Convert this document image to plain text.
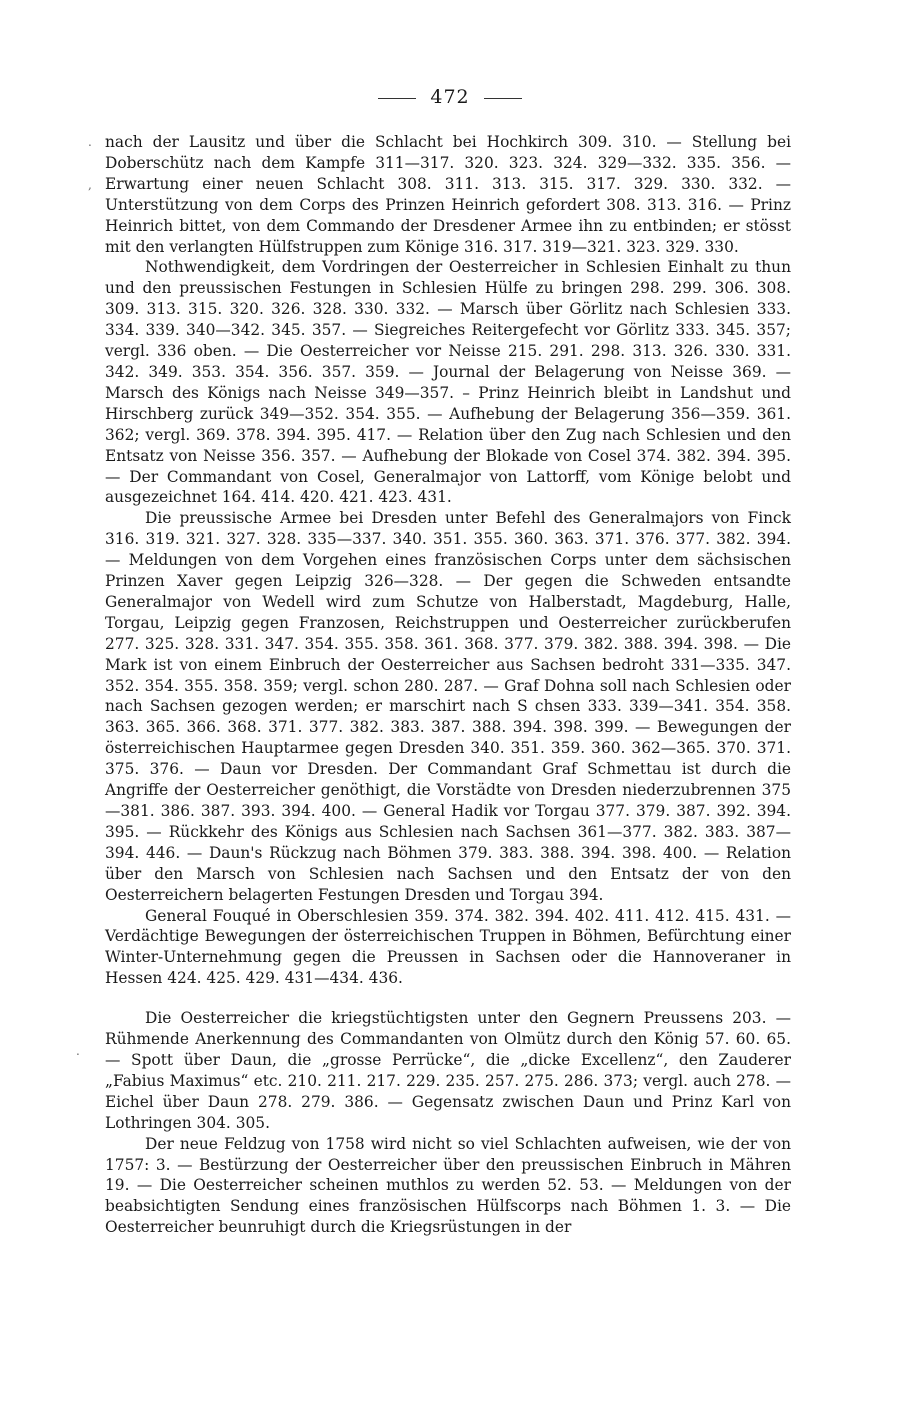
472

nach der Lausitz und über die Schlacht bei Hochkirch 309. 310. — Stellung bei Doberschütz nach dem Kampfe 311—317. 320. 323. 324. 329—332. 335. 356. — Erwartung einer neuen Schlacht 308. 311. 313. 315. 317. 329. 330. 332. — Unterstützung von dem Corps des Prinzen Heinrich gefordert 308. 313. 316. — Prinz Heinrich bittet, von dem Commando der Dresdener Armee ihn zu entbinden; er stösst mit den verlangten Hülfstruppen zum Könige 316. 317. 319—321. 323. 329. 330.

Nothwendigkeit, dem Vordringen der Oesterreicher in Schlesien Einhalt zu thun und den preussischen Festungen in Schlesien Hülfe zu bringen 298. 299. 306. 308. 309. 313. 315. 320. 326. 328. 330. 332. — Marsch über Görlitz nach Schlesien 333. 334. 339. 340—342. 345. 357. — Siegreiches Reitergefecht vor Görlitz 333. 345. 357; vergl. 336 oben. — Die Oesterreicher vor Neisse 215. 291. 298. 313. 326. 330. 331. 342. 349. 353. 354. 356. 357. 359. — Journal der Belagerung von Neisse 369. — Marsch des Königs nach Neisse 349—357. – Prinz Heinrich bleibt in Landshut und Hirschberg zurück 349—352. 354. 355. — Aufhebung der Belagerung 356—359. 361. 362; vergl. 369. 378. 394. 395. 417. — Relation über den Zug nach Schlesien und den Entsatz von Neisse 356. 357. — Aufhebung der Blokade von Cosel 374. 382. 394. 395. — Der Commandant von Cosel, Generalmajor von Lattorff, vom Könige belobt und ausgezeichnet 164. 414. 420. 421. 423. 431.

Die preussische Armee bei Dresden unter Befehl des Generalmajors von Finck 316. 319. 321. 327. 328. 335—337. 340. 351. 355. 360. 363. 371. 376. 377. 382. 394. — Meldungen von dem Vorgehen eines französischen Corps unter dem sächsischen Prinzen Xaver gegen Leipzig 326—328. — Der gegen die Schweden entsandte Generalmajor von Wedell wird zum Schutze von Halberstadt, Magdeburg, Halle, Torgau, Leipzig gegen Franzosen, Reichstruppen und Oesterreicher zurückberufen 277. 325. 328. 331. 347. 354. 355. 358. 361. 368. 377. 379. 382. 388. 394. 398. — Die Mark ist von einem Einbruch der Oesterreicher aus Sachsen bedroht 331—335. 347. 352. 354. 355. 358. 359; vergl. schon 280. 287. — Graf Dohna soll nach Schlesien oder nach Sachsen gezogen werden; er marschirt nach S chsen 333. 339—341. 354. 358. 363. 365. 366. 368. 371. 377. 382. 383. 387. 388. 394. 398. 399. — Bewegungen der österreichischen Hauptarmee gegen Dresden 340. 351. 359. 360. 362—365. 370. 371. 375. 376. — Daun vor Dresden. Der Commandant Graf Schmettau ist durch die Angriffe der Oesterreicher genöthigt, die Vorstädte von Dresden niederzubrennen 375—381. 386. 387. 393. 394. 400. — General Hadik vor Torgau 377. 379. 387. 392. 394. 395. — Rückkehr des Königs aus Schlesien nach Sachsen 361—377. 382. 383. 387—394. 446. — Daun's Rückzug nach Böhmen 379. 383. 388. 394. 398. 400. — Relation über den Marsch von Schlesien nach Sachsen und den Entsatz der von den Oesterreichern belagerten Festungen Dresden und Torgau 394.

General Fouqué in Oberschlesien 359. 374. 382. 394. 402. 411. 412. 415. 431. — Verdächtige Bewegungen der österreichischen Truppen in Böhmen, Befürchtung einer Winter-Unternehmung gegen die Preussen in Sachsen oder die Hannoveraner in Hessen 424. 425. 429. 431—434. 436.

Die Oesterreicher die kriegstüchtigsten unter den Gegnern Preussens 203. — Rühmende Anerkennung des Commandanten von Olmütz durch den König 57. 60. 65. — Spott über Daun, die „grosse Perrücke“, die „dicke Excellenz“, den Zauderer „Fabius Maximus“ etc. 210. 211. 217. 229. 235. 257. 275. 286. 373; vergl. auch 278. — Eichel über Daun 278. 279. 386. — Gegensatz zwischen Daun und Prinz Karl von Lothringen 304. 305.

Der neue Feldzug von 1758 wird nicht so viel Schlachten aufweisen, wie der von 1757: 3. — Bestürzung der Oesterreicher über den preussischen Einbruch in Mähren 19. — Die Oesterreicher scheinen muthlos zu werden 52. 53. — Meldungen von der beabsichtigten Sendung eines französischen Hülfscorps nach Böhmen 1. 3. — Die Oesterreicher beunruhigt durch die Kriegsrüstungen in der

.
,
.
